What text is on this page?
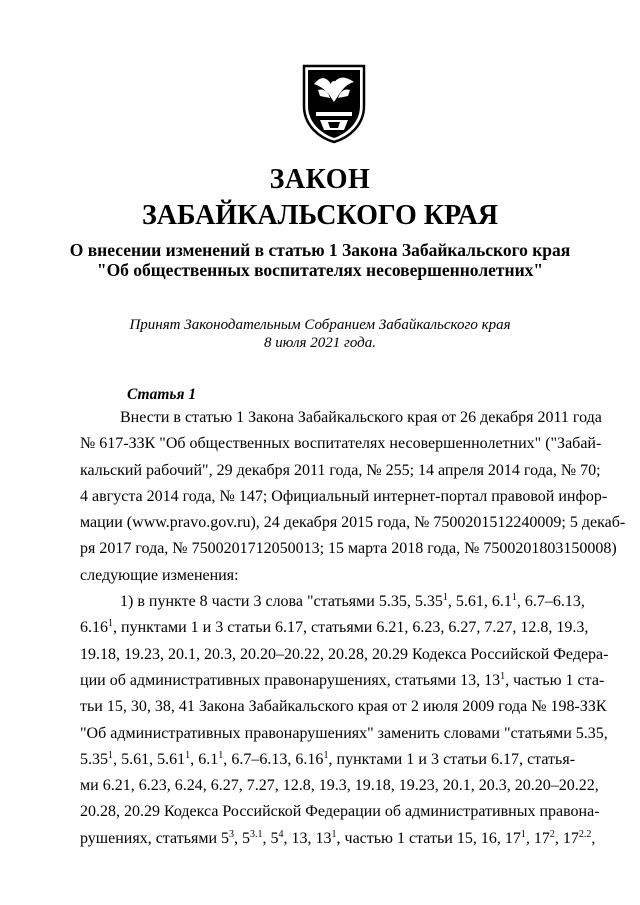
ЗАКОН
ЗАБАЙКАЛЬСКОГО КРАЯ
О внесении изменений в статью 1 Закона Забайкальского края
"Об общественных воспитателях несовершеннолетних"
Принят Законодательным Собранием Забайкальского края
8 июля 2021 года.
Статья 1
Внести в статью 1 Закона Забайкальского края от 26 декабря 2011 года
№ 617-ЗЗК "Об общественных воспитателях несовершеннолетних" ("Забай-
кальский рабочий", 29 декабря 2011 года, № 255; 14 апреля 2014 года, № 70;
4 августа 2014 года, № 147; Официальный интернет-портал правовой инфор-
мации (www.pravo.gov.ru), 24 декабря 2015 года, № 7500201512240009; 5 декаб-
ря 2017 года, № 7500201712050013; 15 марта 2018 года, № 7500201803150008)
следующие изменения:
1) в пункте 8 части 3 слова "статьями 5.35, 5.35$^1$, 5.61, $6.1^1$, 6.7–6.13,
6.16$^1$, пунктами 1 и 3 статьи 6.17, статьями 6.21, 6.23, 6.27, 7.27, 12.8, 19.3,
19.18, 19.23, 20.1, 20.3, 20.20–20.22, 20.28, 20.29 Кодекса Российской Федера-
ции об административных правонарушениях, статьями 13, $13^1$, частью 1 ста-
тьи 15, 30, 38, 41 Закона Забайкальского края от 2 июля 2009 года № 198-ЗЗК
"Об административных правонарушениях" заменить словами "статьями 5.35,
5.35$^1$, 5.61, 5.61$^1$, $6.1^1$, 6.7–6.13, 6.16$^1$, пунктами 1 и 3 статьи 6.17, статья-
ми 6.21, 6.23, 6.24, 6.27, 7.27, 12.8, 19.3, 19.18, 19.23, 20.1, 20.3, 20.20–20.22,
20.28, 20.29 Кодекса Российской Федерации об административных правона-
рушениях, статьями $5^3$, $5^{3.1}$, $5^4$, 13, $13^1$, частью 1 статьи 15, 16, $17^1$, $17^2$, $17^{2.2}$,
